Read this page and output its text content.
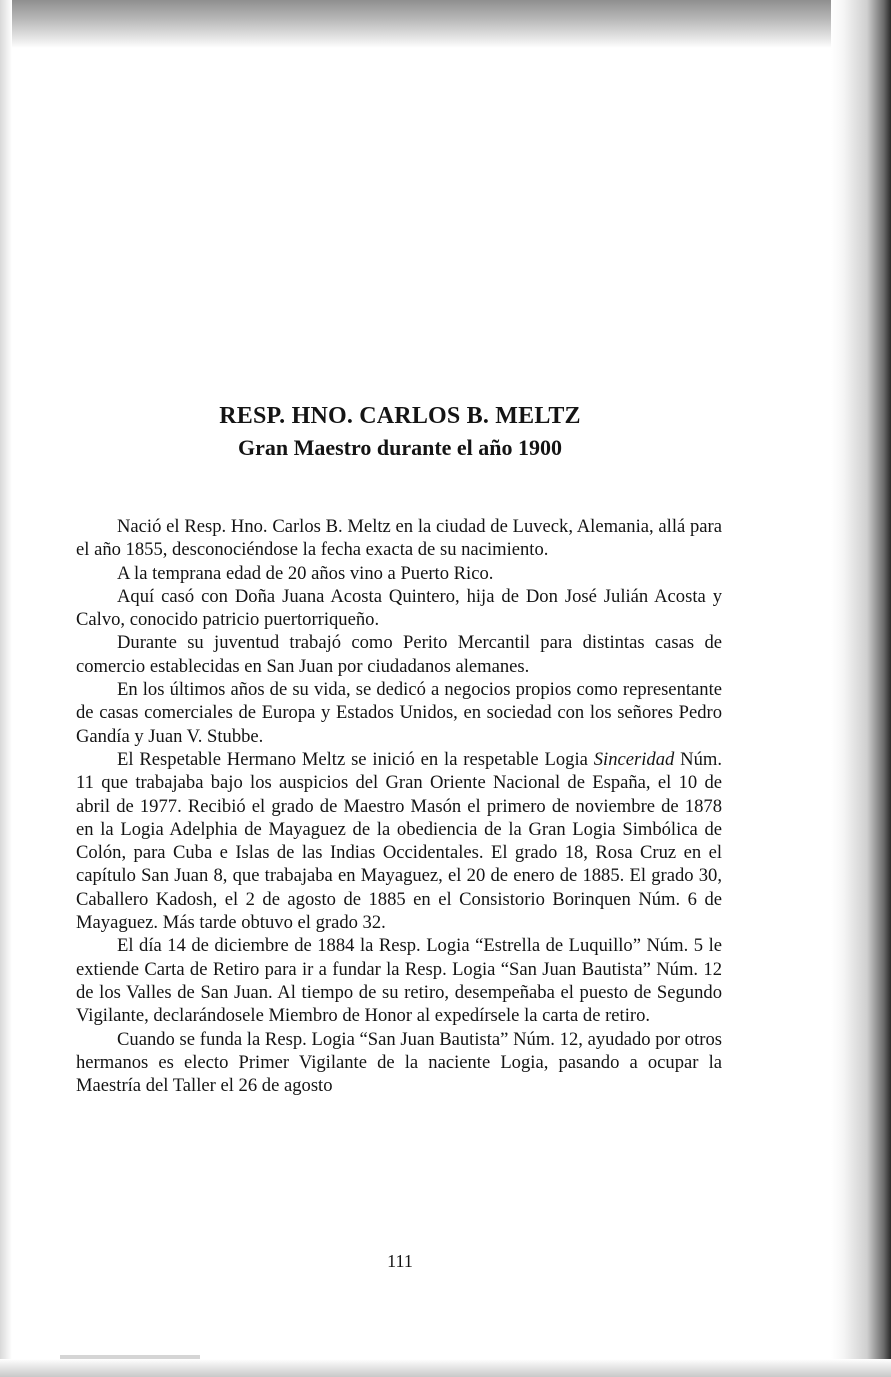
RESP. HNO. CARLOS B. MELTZ
Gran Maestro durante el año 1900

Nació el Resp. Hno. Carlos B. Meltz en la ciudad de Luveck, Alemania, allá para el año 1855, desconociéndose la fecha exacta de su nacimiento.

A la temprana edad de 20 años vino a Puerto Rico.

Aquí casó con Doña Juana Acosta Quintero, hija de Don José Julián Acosta y Calvo, conocido patricio puertorriqueño.

Durante su juventud trabajó como Perito Mercantil para distintas casas de comercio establecidas en San Juan por ciudadanos alemanes.

En los últimos años de su vida, se dedicó a negocios propios como representante de casas comerciales de Europa y Estados Unidos, en sociedad con los señores Pedro Gandía y Juan V. Stubbe.

El Respetable Hermano Meltz se inició en la respetable Logia Sinceridad Núm. 11 que trabajaba bajo los auspicios del Gran Oriente Nacional de España, el 10 de abril de 1977. Recibió el grado de Maestro Masón el primero de noviembre de 1878 en la Logia Adelphia de Mayaguez de la obediencia de la Gran Logia Simbólica de Colón, para Cuba e Islas de las Indias Occidentales. El grado 18, Rosa Cruz en el capítulo San Juan 8, que trabajaba en Mayaguez, el 20 de enero de 1885. El grado 30, Caballero Kadosh, el 2 de agosto de 1885 en el Consistorio Borinquen Núm. 6 de Mayaguez. Más tarde obtuvo el grado 32.

El día 14 de diciembre de 1884 la Resp. Logia “Estrella de Luquillo” Núm. 5 le extiende Carta de Retiro para ir a fundar la Resp. Logia “San Juan Bautista” Núm. 12 de los Valles de San Juan. Al tiempo de su retiro, desempeñaba el puesto de Segundo Vigilante, declarándosele Miembro de Honor al expedírsele la carta de retiro.

Cuando se funda la Resp. Logia “San Juan Bautista” Núm. 12, ayudado por otros hermanos es electo Primer Vigilante de la naciente Logia, pasando a ocupar la Maestría del Taller el 26 de agosto

111
